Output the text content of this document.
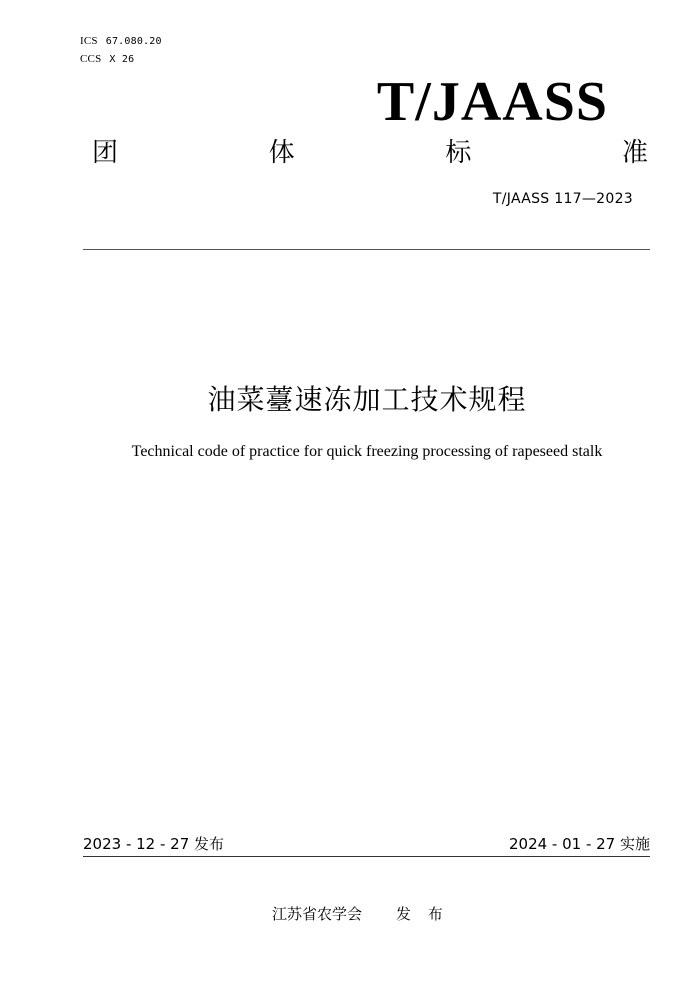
ICS 67.080.20
CCS X 26
T/JAASS
团	体	标	准
T/JAASS 117—2023
油菜薹速冻加工技术规程
Technical code of practice for quick freezing processing of rapeseed stalk
2023 - 12 - 27 发布	2024 - 01 - 27 实施
江苏省农学会 发 布
